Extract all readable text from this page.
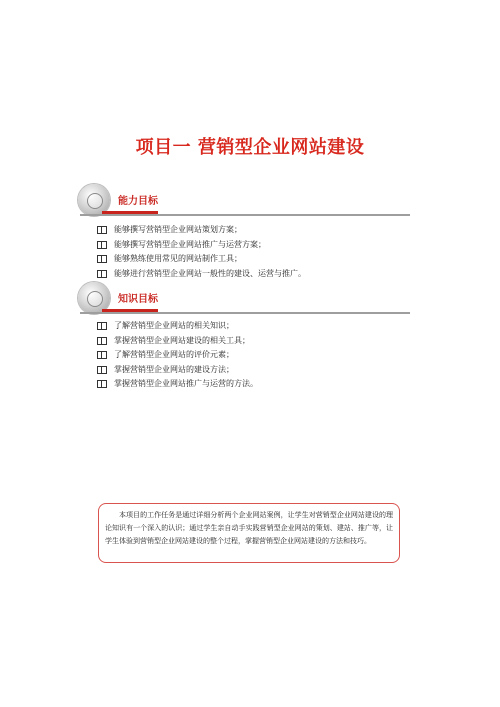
项目一 营销型企业网站建设
能力目标
能够撰写营销型企业网站策划方案；
能够撰写营销型企业网站推广与运营方案；
能够熟练使用常见的网站制作工具；
能够进行营销型企业网站一般性的建设、运营与推广。
知识目标
了解营销型企业网站的相关知识；
掌握营销型企业网站建设的相关工具；
了解营销型企业网站的评价元素；
掌握营销型企业网站的建设方法；
掌握营销型企业网站推广与运营的方法。
本项目的工作任务是通过详细分析两个企业网站案例，让学生对营销型企业网站建设的理论知识有一个深入的认识；通过学生亲自动手实践营销型企业网站的策划、建站、推广等，让学生体验到营销型企业网站建设的整个过程，掌握营销型企业网站建设的方法和技巧。
